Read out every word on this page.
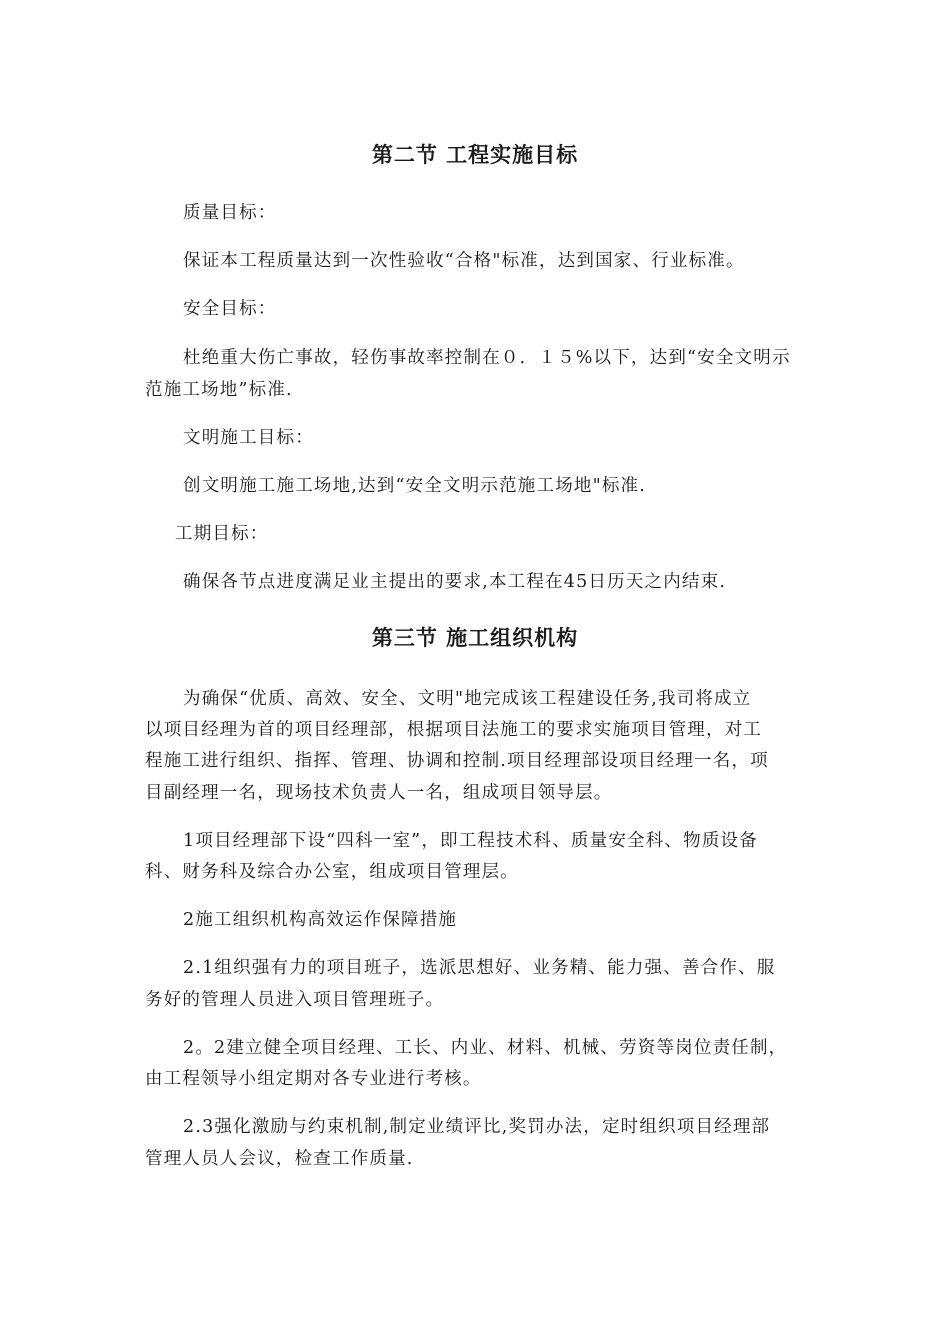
第二节 工程实施目标
质量目标：
保证本工程质量达到一次性验收“合格"标准，达到国家、行业标准。
安全目标：
杜绝重大伤亡事故，轻伤事故率控制在０．１５%以下，达到“安全文明示
范施工场地”标准.
文明施工目标：
创文明施工施工场地,达到“安全文明示范施工场地"标准.
工期目标：
确保各节点进度满足业主提出的要求,本工程在45日历天之内结束.
第三节 施工组织机构
为确保“优质、高效、安全、文明"地完成该工程建设任务,我司将成立
以项目经理为首的项目经理部，根据项目法施工的要求实施项目管理，对工
程施工进行组织、指挥、管理、协调和控制.项目经理部设项目经理一名，项
目副经理一名，现场技术负责人一名，组成项目领导层。
1项目经理部下设“四科一室”，即工程技术科、质量安全科、物质设备
科、财务科及综合办公室，组成项目管理层。
2施工组织机构高效运作保障措施
2.1组织强有力的项目班子，选派思想好、业务精、能力强、善合作、服
务好的管理人员进入项目管理班子。
2。2建立健全项目经理、工长、内业、材料、机械、劳资等岗位责任制，
由工程领导小组定期对各专业进行考核。
2.3强化激励与约束机制,制定业绩评比,奖罚办法，定时组织项目经理部
管理人员人会议，检查工作质量.
